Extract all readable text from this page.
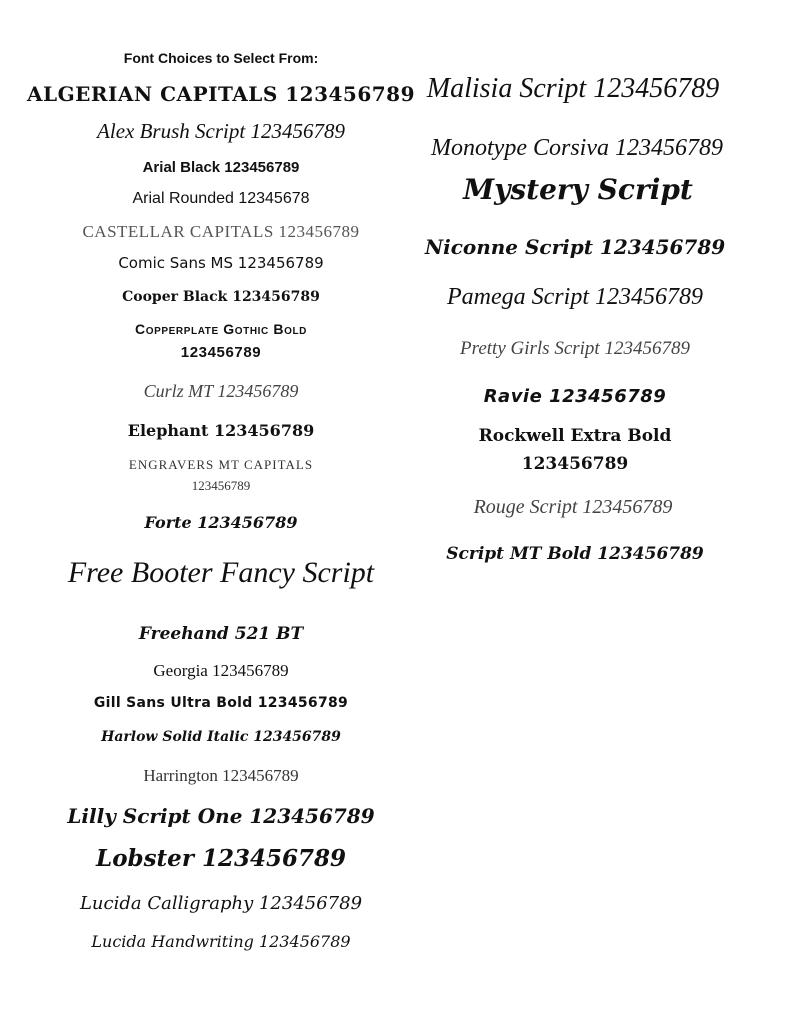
Font Choices to Select From:
ALGERIAN CAPITALS 123456789
Alex Brush Script 123456789
Arial Black 123456789
Arial Rounded 12345678
CASTELLAR CAPITALS 123456789
Comic Sans MS 123456789
Cooper Black 123456789
Copperplate Gothic Bold
123456789
Curlz MT 123456789
Elephant 123456789
ENGRAVERS MT CAPITALS
123456789
Forte 123456789
Free Booter Fancy Script
Freehand 521 BT
Georgia 123456789
Gill Sans Ultra Bold 123456789
Harlow Solid Italic 123456789
Harrington 123456789
Lilly Script One 123456789
Lobster 123456789
Lucida Calligraphy 123456789
Lucida Handwriting 123456789
Malisia Script 123456789
Monotype Corsiva 123456789
Mystery Script
Niconne Script 123456789
Pamega Script 123456789
Pretty Girls Script 123456789
Ravie 123456789
Rockwell Extra Bold
123456789
Rouge Script 123456789
Script MT Bold 123456789
